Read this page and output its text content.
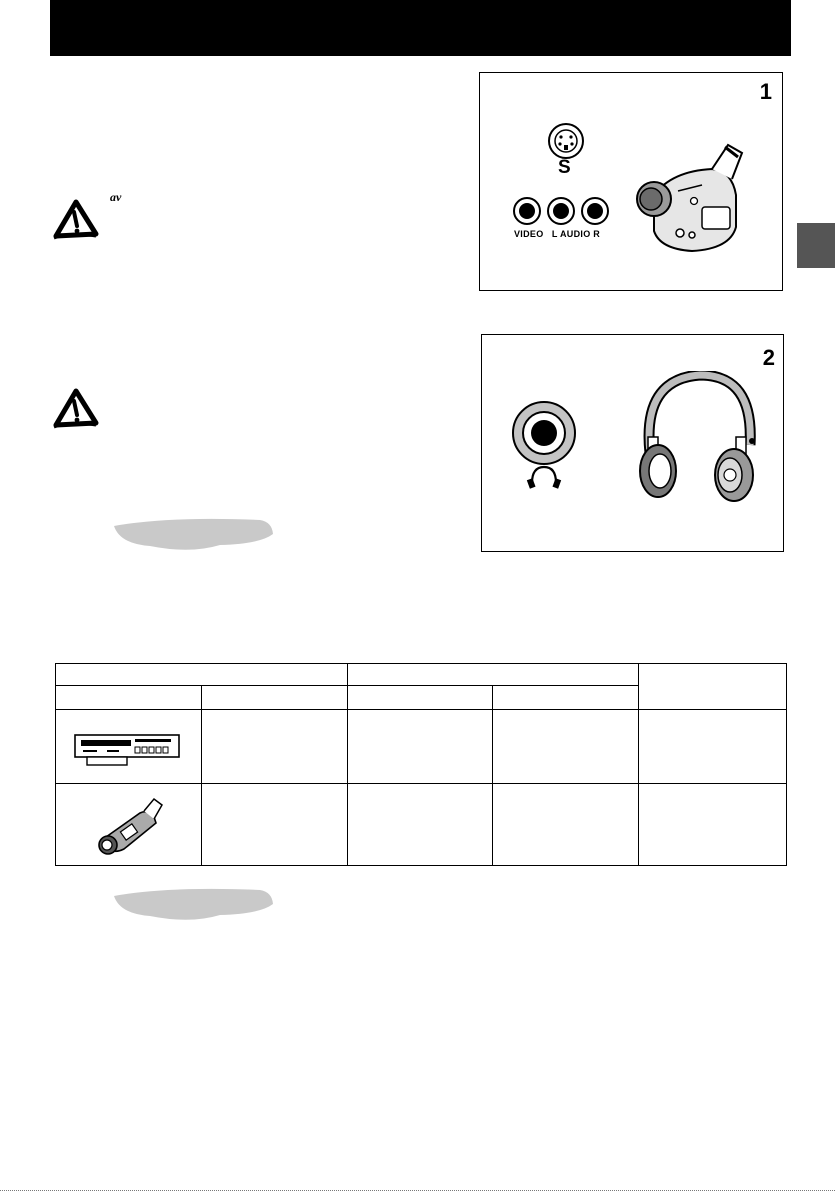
av
1
S
VIDEO   L AUDIO R
2
